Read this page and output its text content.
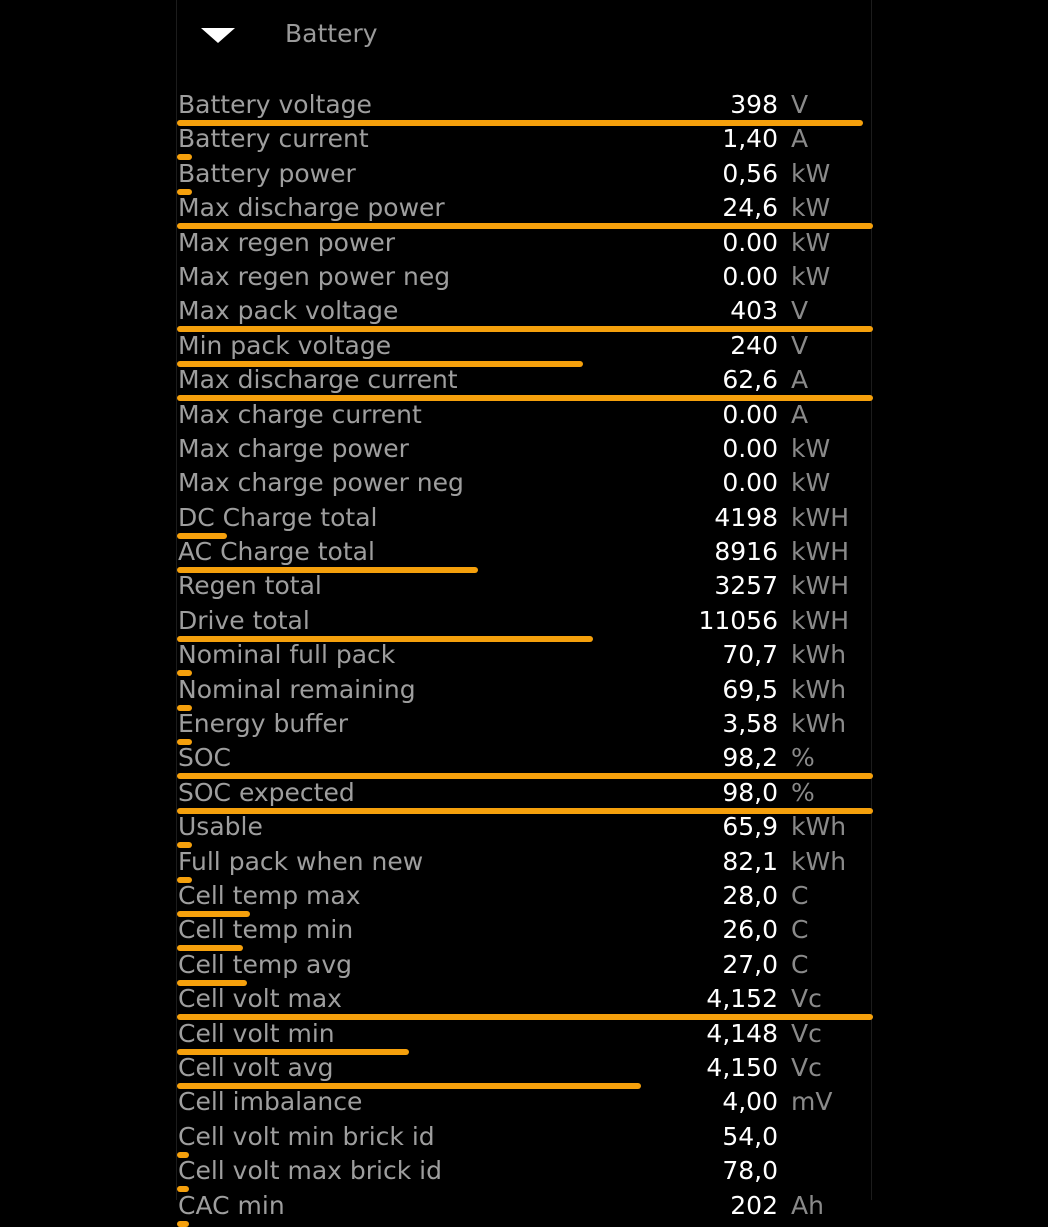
Battery
Battery voltage	398 V
Battery current	1,40 A
Battery power	0,56 kW
Max discharge power	24,6 kW
Max regen power	0.00 kW
Max regen power neg	0.00 kW
Max pack voltage	403 V
Min pack voltage	240 V
Max discharge current	62,6 A
Max charge current	0.00 A
Max charge power	0.00 kW
Max charge power neg	0.00 kW
DC Charge total	4198 kWH
AC Charge total	8916 kWH
Regen total	3257 kWH
Drive total	11056 kWH
Nominal full pack	70,7 kWh
Nominal remaining	69,5 kWh
Energy buffer	3,58 kWh
SOC	98,2 %
SOC expected	98,0 %
Usable	65,9 kWh
Full pack when new	82,1 kWh
Cell temp max	28,0 C
Cell temp min	26,0 C
Cell temp avg	27,0 C
Cell volt max	4,152 Vc
Cell volt min	4,148 Vc
Cell volt avg	4,150 Vc
Cell imbalance	4,00 mV
Cell volt min brick id	54,0
Cell volt max brick id	78,0
CAC min	202 Ah
